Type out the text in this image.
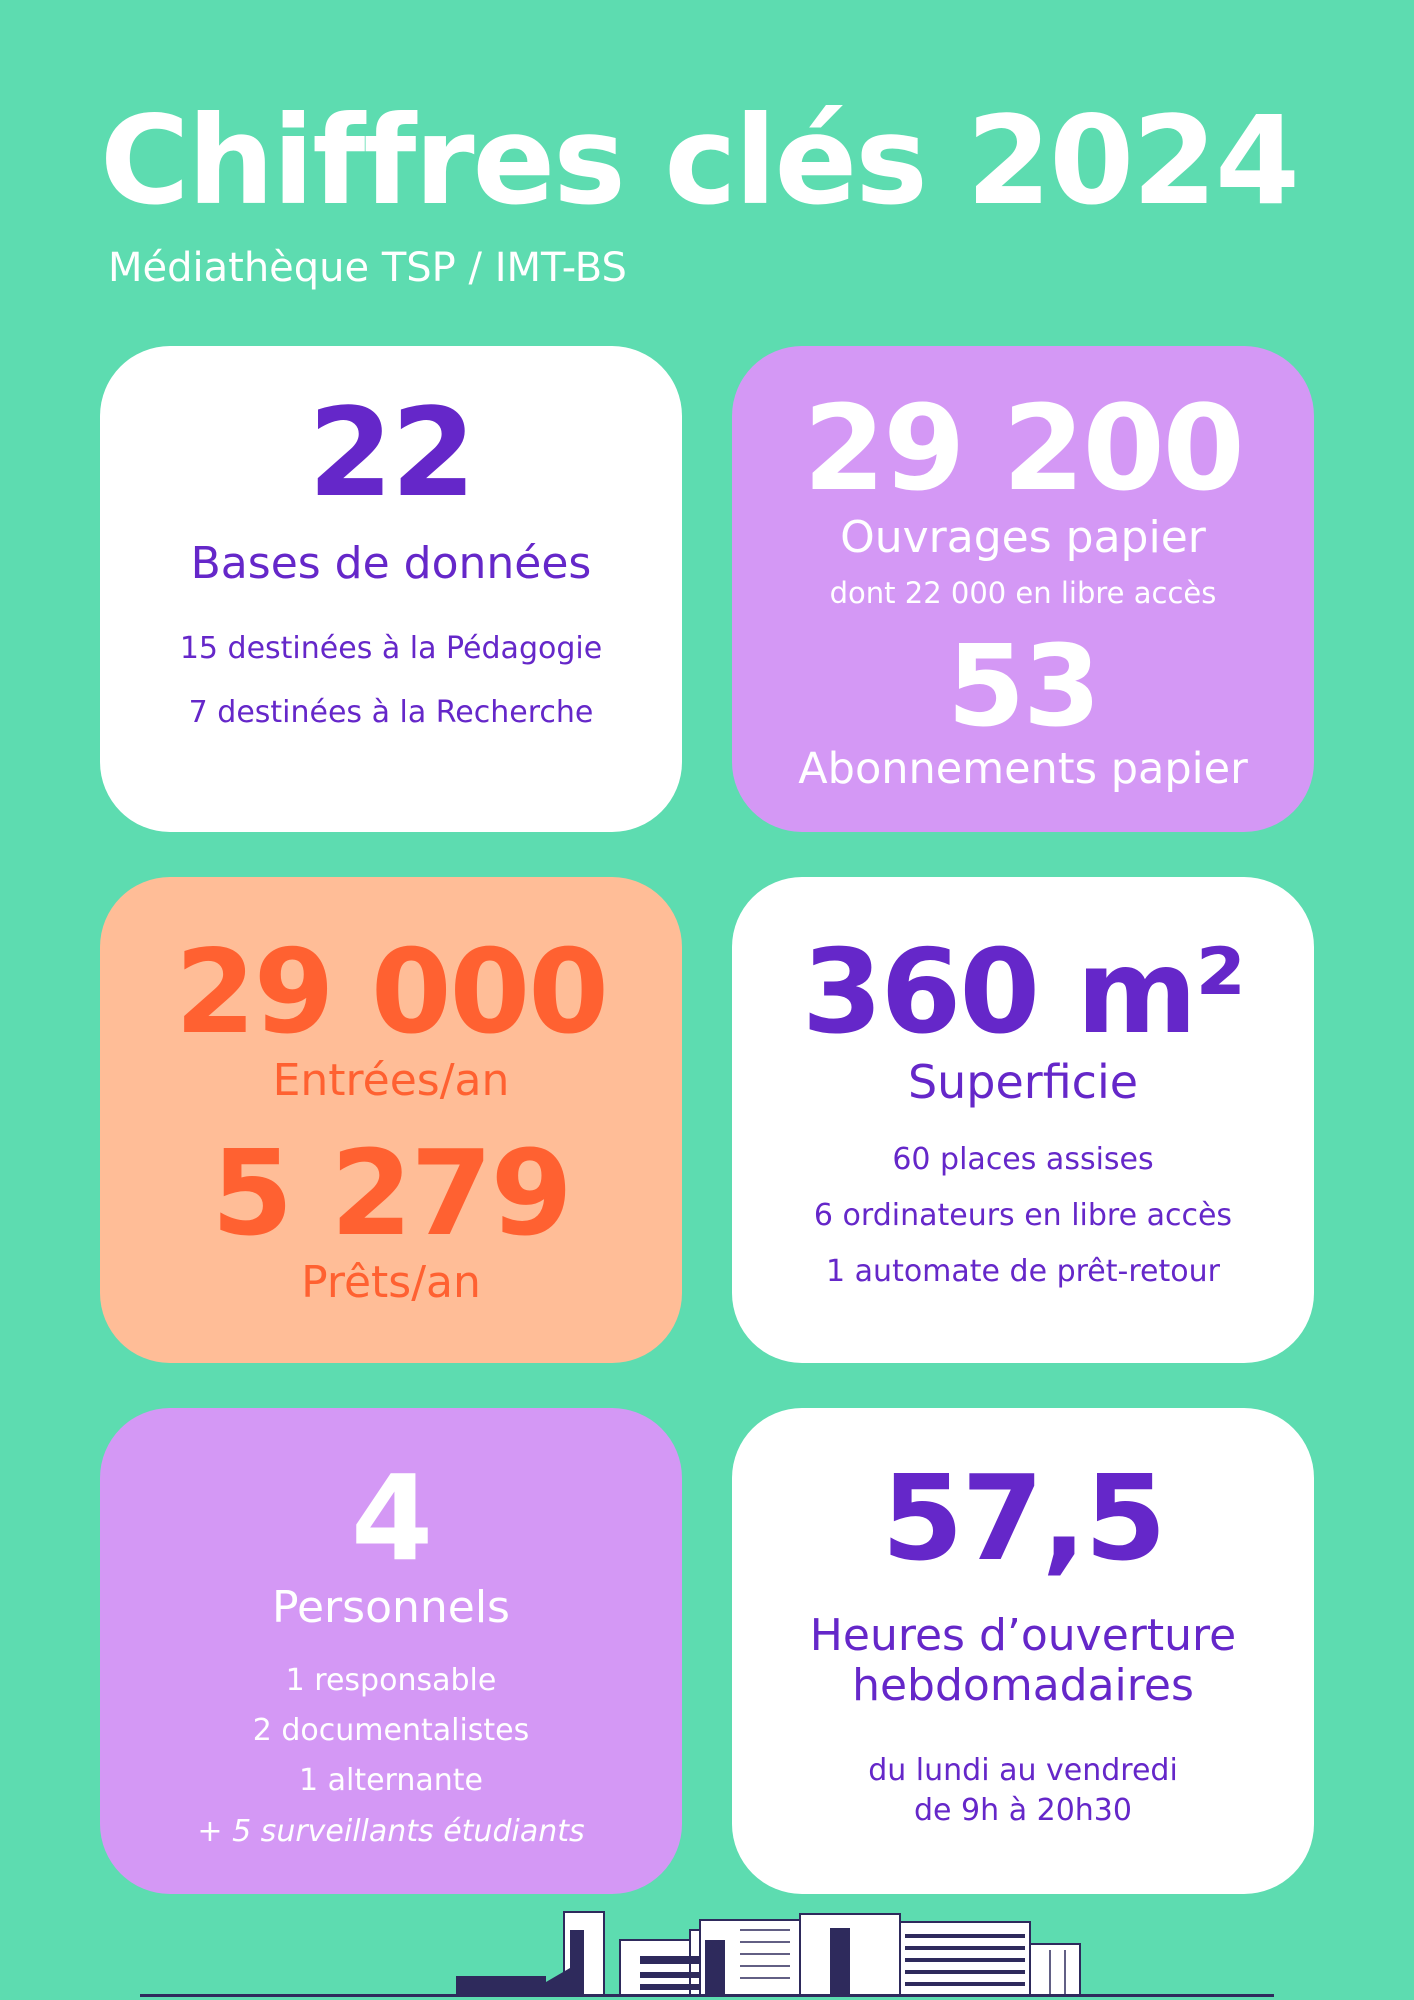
Chiffres clés 2024

Médiathèque TSP / IMT-BS

22
Bases de données
15 destinées à la Pédagogie
7 destinées à la Recherche
29 200
Ouvrages papier
dont 22 000 en libre accès
53
Abonnements papier
29 000
Entrées/an
5 279
Prêts/an
360 m²
Superficie
60 places assises
6 ordinateurs en libre accès
1 automate de prêt-retour
4
Personnels
1 responsable
2 documentalistes
1 alternante
+ 5 surveillants étudiants
57,5
Heures d’ouverture
hebdomadaires
du lundi au vendredi
de 9h à 20h30
